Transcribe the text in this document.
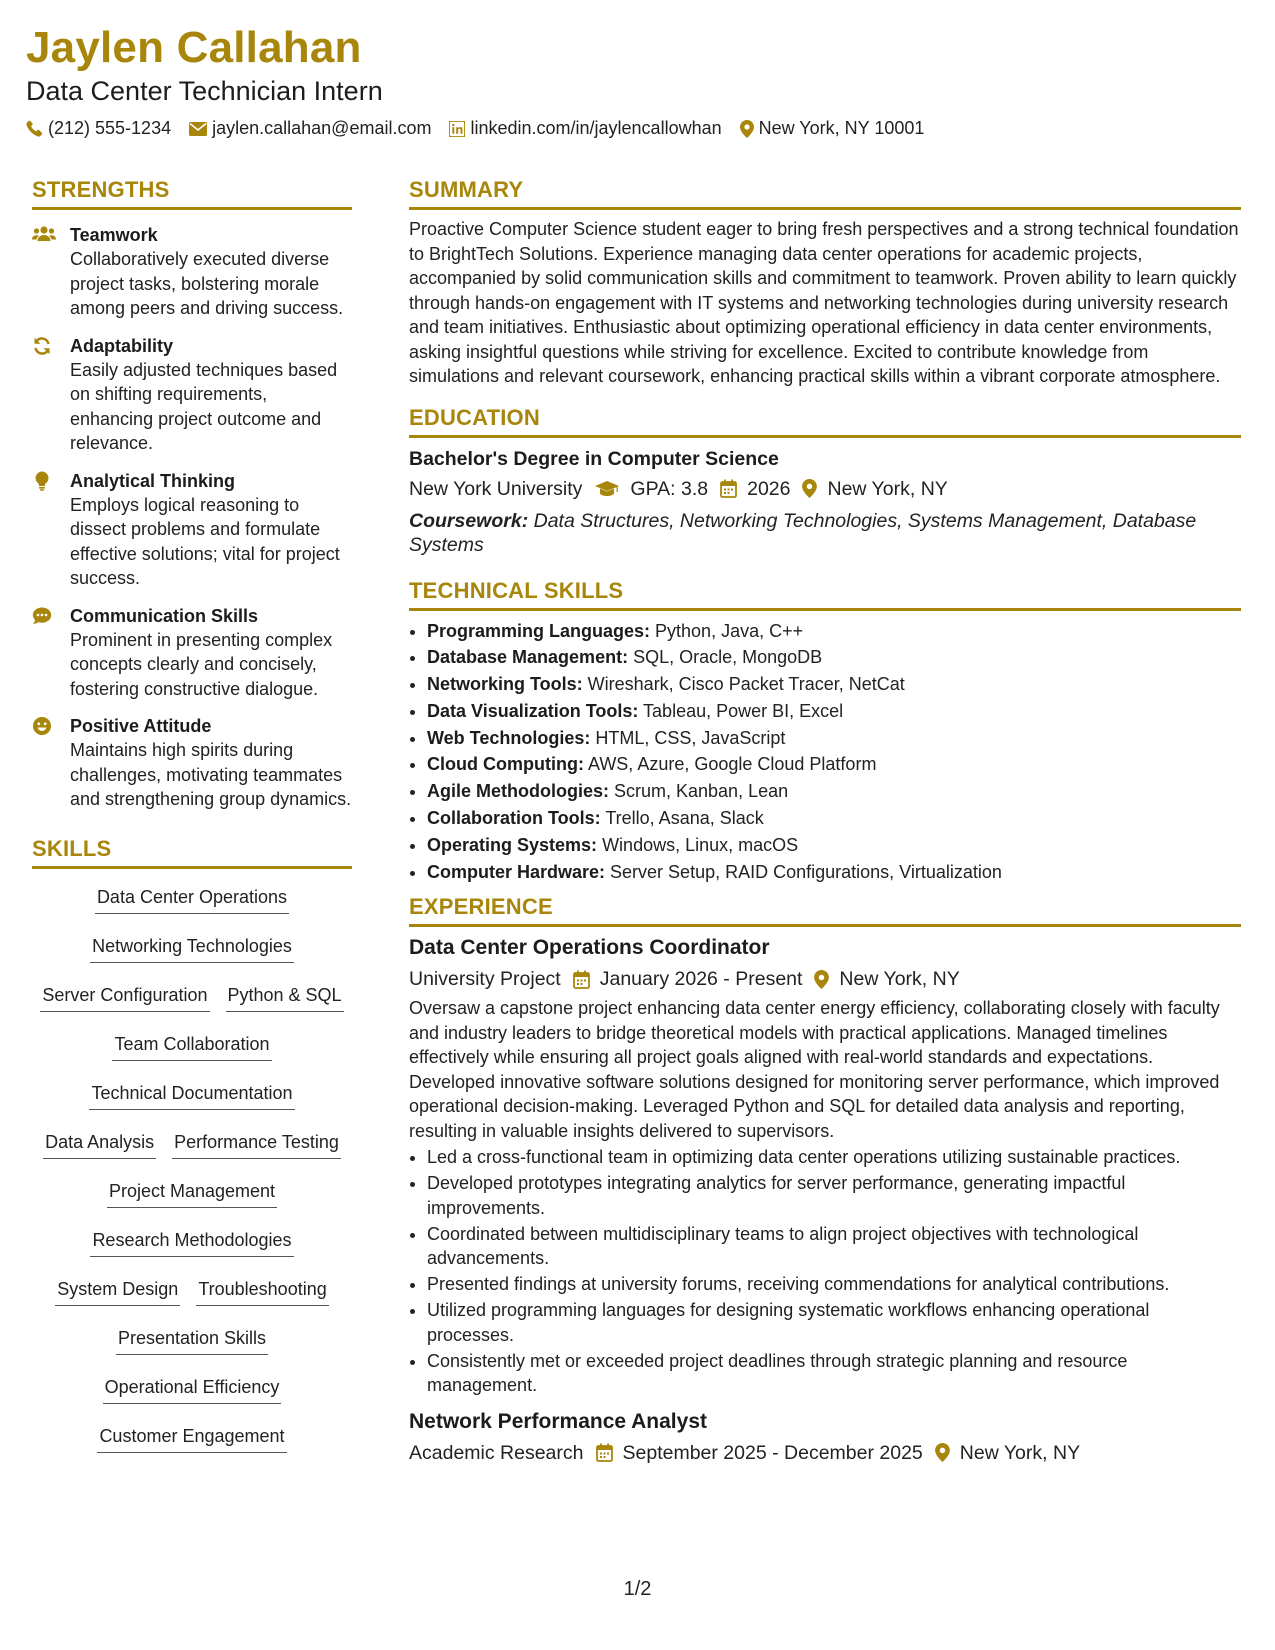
Jaylen Callahan
Data Center Technician Intern
(212) 555-1234 jaylen.callahan@email.com linkedin.com/in/jaylencallowhan New York, NY 10001
STRENGTHS
Teamwork
Collaboratively executed diverse project tasks, bolstering morale among peers and driving success.
Adaptability
Easily adjusted techniques based on shifting requirements, enhancing project outcome and relevance.
Analytical Thinking
Employs logical reasoning to dissect problems and formulate effective solutions; vital for project success.
Communication Skills
Prominent in presenting complex concepts clearly and concisely, fostering constructive dialogue.
Positive Attitude
Maintains high spirits during challenges, motivating teammates and strengthening group dynamics.
SKILLS
Data Center Operations
Networking Technologies
Server Configuration Python & SQL
Team Collaboration
Technical Documentation
Data Analysis Performance Testing
Project Management
Research Methodologies
System Design Troubleshooting
Presentation Skills
Operational Efficiency
Customer Engagement
SUMMARY
Proactive Computer Science student eager to bring fresh perspectives and a strong technical foundation to BrightTech Solutions. Experience managing data center operations for academic projects, accompanied by solid communication skills and commitment to teamwork. Proven ability to learn quickly through hands-on engagement with IT systems and networking technologies during university research and team initiatives. Enthusiastic about optimizing operational efficiency in data center environments, asking insightful questions while striving for excellence. Excited to contribute knowledge from simulations and relevant coursework, enhancing practical skills within a vibrant corporate atmosphere.
EDUCATION
Bachelor's Degree in Computer Science
New York University GPA: 3.8 2026 New York, NY
Coursework: Data Structures, Networking Technologies, Systems Management, Database Systems
TECHNICAL SKILLS
• Programming Languages: Python, Java, C++
• Database Management: SQL, Oracle, MongoDB
• Networking Tools: Wireshark, Cisco Packet Tracer, NetCat
• Data Visualization Tools: Tableau, Power BI, Excel
• Web Technologies: HTML, CSS, JavaScript
• Cloud Computing: AWS, Azure, Google Cloud Platform
• Agile Methodologies: Scrum, Kanban, Lean
• Collaboration Tools: Trello, Asana, Slack
• Operating Systems: Windows, Linux, macOS
• Computer Hardware: Server Setup, RAID Configurations, Virtualization
EXPERIENCE
Data Center Operations Coordinator
University Project January 2026 - Present New York, NY
Oversaw a capstone project enhancing data center energy efficiency, collaborating closely with faculty and industry leaders to bridge theoretical models with practical applications. Managed timelines effectively while ensuring all project goals aligned with real-world standards and expectations. Developed innovative software solutions designed for monitoring server performance, which improved operational decision-making. Leveraged Python and SQL for detailed data analysis and reporting, resulting in valuable insights delivered to supervisors.
• Led a cross-functional team in optimizing data center operations utilizing sustainable practices.
• Developed prototypes integrating analytics for server performance, generating impactful improvements.
• Coordinated between multidisciplinary teams to align project objectives with technological advancements.
• Presented findings at university forums, receiving commendations for analytical contributions.
• Utilized programming languages for designing systematic workflows enhancing operational processes.
• Consistently met or exceeded project deadlines through strategic planning and resource management.
Network Performance Analyst
Academic Research September 2025 - December 2025 New York, NY
1/2
